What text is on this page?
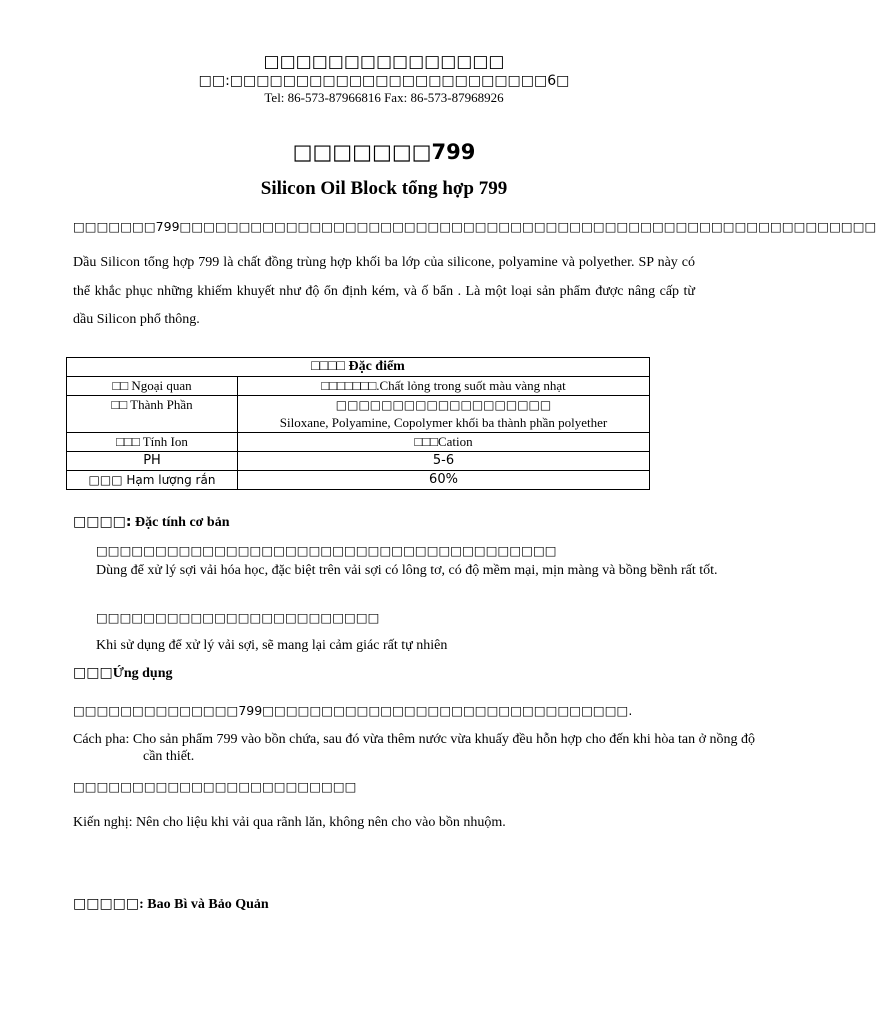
□□□□□□□□□□□□□□□
□□:□□□□□□□□□□□□□□□□□□□□□□□□6□
Tel: 86-573-87966816 Fax: 86-573-87968926
□□□□□□□799
Silicon Oil Block tổng hợp 799
□□□□□□□799□□□□□□□□□□□□□□□□□□□□□□□□□□□□□□□□□□□□□□□□□□□□□□□□□□□□□□□□□□□
Dầu Silicon tổng hợp 799 là chất đồng trùng hợp khối ba lớp của silicone, polyamine và polyether. SP này có thể khắc phục những khiếm khuyết như độ ổn định kém, và ố bẩn . Là một loại sản phẩm được nâng cấp từ dầu Silicon phổ thông.
□□□□ Đặc điểm	
□□ Ngoại quan	□□□□□□□.Chất lỏng trong suốt màu vàng nhạt
□□ Thành Phần	□□□□□□□□□□□□□□□□□□□
Siloxane, Polyamine, Copolymer khối ba thành phần polyether

□□□ Tính Ion	□□□Cation
PH	5-6
□□□ Hạm lượng rắn	60%
□□□□: Đặc tính cơ bản
□□□□□□□□□□□□□□□□□□□□□□□□□□□□□□□□□□□□□□□
Dùng để xử lý sợi vải hóa học, đặc biệt trên vải sợi có lông tơ, có độ mềm mại, mịn màng và bồng bềnh rất tốt.
□□□□□□□□□□□□□□□□□□□□□□□□
Khi sử dụng để xử lý vải sợi, sẽ mang lại cảm giác rất tự nhiên
□□□Ứng dụng
□□□□□□□□□□□□□□799□□□□□□□□□□□□□□□□□□□□□□□□□□□□□□□.
Cách pha: Cho sản phẩm 799 vào bồn chứa, sau đó vừa thêm nước vừa khuấy đều hỗn hợp cho đến khi hòa tan ở nồng độ cần thiết.
□□□□□□□□□□□□□□□□□□□□□□□□
Kiến nghị: Nên cho liệu khi vải qua rãnh lăn, không nên cho vào bồn nhuộm.
□□□□□: Bao Bì và Bảo Quản
